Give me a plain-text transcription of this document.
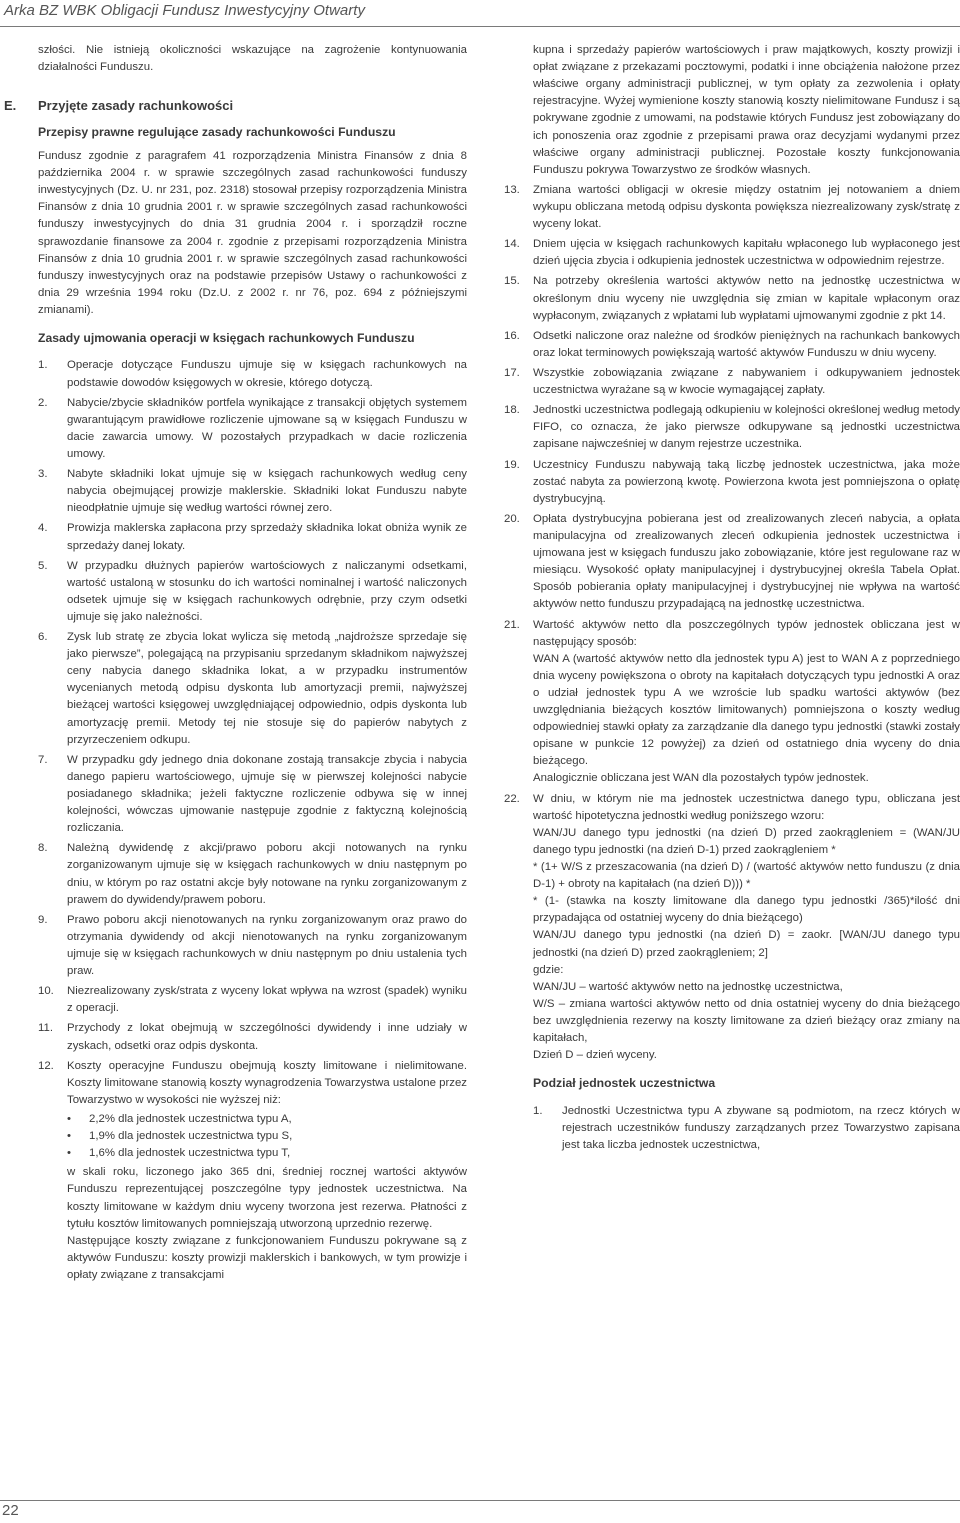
Arka BZ WBK Obligacji Fundusz Inwestycyjny Otwarty

szłości. Nie istnieją okoliczności wskazujące na zagrożenie kontynuowania działalności Funduszu.

E. Przyjęte zasady rachunkowości
Przepisy prawne regulujące zasady rachunkowości Funduszu

Fundusz zgodnie z paragrafem 41 rozporządzenia Ministra Finansów z dnia 8 października 2004 r. w sprawie szczególnych zasad rachunkowości funduszy inwestycyjnych (Dz. U. nr 231, poz. 2318) stosował przepisy rozporządzenia Ministra Finansów z dnia 10 grudnia 2001 r. w sprawie szczególnych zasad rachunkowości funduszy inwestycyjnych do dnia 31 grudnia 2004 r. i sporządził roczne sprawozdanie finansowe za 2004 r. zgodnie z przepisami rozporządzenia Ministra Finansów z dnia 10 grudnia 2001 r. w sprawie szczególnych zasad rachunkowości funduszy inwestycyjnych oraz na podstawie przepisów Ustawy o rachunkowości z dnia 29 września 1994 roku (Dz.U. z 2002 r. nr 76, poz. 694 z późniejszymi zmianami).

Zasady ujmowania operacji w księgach rachunkowych Funduszu
1. Operacje dotyczące Funduszu ujmuje się w księgach rachunkowych na podstawie dowodów księgowych w okresie, którego dotyczą.
2. Nabycie/zbycie składników portfela wynikające z transakcji objętych systemem gwarantującym prawidłowe rozliczenie ujmowane są w księgach Funduszu w dacie zawarcia umowy. W pozostałych przypadkach w dacie rozliczenia umowy.
3. Nabyte składniki lokat ujmuje się w księgach rachunkowych według ceny nabycia obejmującej prowizje maklerskie. Składniki lokat Funduszu nabyte nieodpłatnie ujmuje się według wartości równej zero.
4. Prowizja maklerska zapłacona przy sprzedaży składnika lokat obniża wynik ze sprzedaży danej lokaty.
5. W przypadku dłużnych papierów wartościowych z naliczanymi odsetkami, wartość ustaloną w stosunku do ich wartości nominalnej i wartość naliczonych odsetek ujmuje się w księgach rachunkowych odrębnie, przy czym odsetki ujmuje się jako należności.
6. Zysk lub stratę ze zbycia lokat wylicza się metodą „najdroższe sprzedaje się jako pierwsze”, polegającą na przypisaniu sprzedanym składnikom najwyższej ceny nabycia danego składnika lokat, a w przypadku instrumentów wycenianych metodą odpisu dyskonta lub amortyzacji premii, najwyższej bieżącej wartości księgowej uwzględniającej odpowiednio, odpis dyskonta lub amortyzację premii. Metody tej nie stosuje się do papierów nabytych z przyrzeczeniem odkupu.
7. W przypadku gdy jednego dnia dokonane zostają transakcje zbycia i nabycia danego papieru wartościowego, ujmuje się w pierwszej kolejności nabycie posiadanego składnika; jeżeli faktyczne rozliczenie odbywa się w innej kolejności, wówczas ujmowanie następuje zgodnie z faktyczną kolejnością rozliczania.
8. Należną dywidendę z akcji/prawo poboru akcji notowanych na rynku zorganizowanym ujmuje się w księgach rachunkowych w dniu następnym po dniu, w którym po raz ostatni akcje były notowane na rynku zorganizowanym z prawem do dywidendy/prawem poboru.
9. Prawo poboru akcji nienotowanych na rynku zorganizowanym oraz prawo do otrzymania dywidendy od akcji nienotowanych na rynku zorganizowanym ujmuje się w księgach rachunkowych w dniu następnym po dniu ustalenia tych praw.
10. Niezrealizowany zysk/strata z wyceny lokat wpływa na wzrost (spadek) wyniku z operacji.
11. Przychody z lokat obejmują w szczególności dywidendy i inne udziały w zyskach, odsetki oraz odpis dyskonta.
12. Koszty operacyjne Funduszu obejmują koszty limitowane i nielimitowane. Koszty limitowane stanowią koszty wynagrodzenia Towarzystwa ustalone przez Towarzystwo w wysokości nie wyższej niż:

• 2,2% dla jednostek uczestnictwa typu A,
• 1,9% dla jednostek uczestnictwa typu S,
• 1,6% dla jednostek uczestnictwa typu T,

w skali roku, liczonego jako 365 dni, średniej rocznej wartości aktywów Funduszu reprezentującej poszczególne typy jednostek uczestnictwa. Na koszty limitowane w każdym dniu wyceny tworzona jest rezerwa. Płatności z tytułu kosztów limitowanych pomniejszają utworzoną uprzednio rezerwę.

Następujące koszty związane z funkcjonowaniem Funduszu pokrywane są z aktywów Funduszu: koszty prowizji maklerskich i bankowych, w tym prowizje i opłaty związane z transakcjami

kupna i sprzedaży papierów wartościowych i praw majątkowych, koszty prowizji i opłat związane z przekazami pocztowymi, podatki i inne obciążenia nałożone przez właściwe organy administracji publicznej, w tym opłaty za zezwolenia i opłaty rejestracyjne. Wyżej wymienione koszty stanowią koszty nielimitowane Fundusz i są pokrywane zgodnie z umowami, na podstawie których Fundusz jest zobowiązany do ich ponoszenia oraz zgodnie z przepisami prawa oraz decyzjami wydanymi przez właściwe organy administracji publicznej. Pozostałe koszty funkcjonowania Funduszu pokrywa Towarzystwo ze środków własnych.

13. Zmiana wartości obligacji w okresie między ostatnim jej notowaniem a dniem wykupu obliczana metodą odpisu dyskonta powiększa niezrealizowany zysk/stratę z wyceny lokat.
14. Dniem ujęcia w księgach rachunkowych kapitału wpłaconego lub wypłaconego jest dzień ujęcia zbycia i odkupienia jednostek uczestnictwa w odpowiednim rejestrze.
15. Na potrzeby określenia wartości aktywów netto na jednostkę uczestnictwa w określonym dniu wyceny nie uwzględnia się zmian w kapitale wpłaconym oraz wypłaconym, związanych z wpłatami lub wypłatami ujmowanymi zgodnie z pkt 14.
16. Odsetki naliczone oraz należne od środków pieniężnych na rachunkach bankowych oraz lokat terminowych powiększają wartość aktywów Funduszu w dniu wyceny.
17. Wszystkie zobowiązania związane z nabywaniem i odkupywaniem jednostek uczestnictwa wyrażane są w kwocie wymagającej zapłaty.
18. Jednostki uczestnictwa podlegają odkupieniu w kolejności określonej według metody FIFO, co oznacza, że jako pierwsze odkupywane są jednostki uczestnictwa zapisane najwcześniej w danym rejestrze uczestnika.
19. Uczestnicy Funduszu nabywają taką liczbę jednostek uczestnictwa, jaka może zostać nabyta za powierzoną kwotę. Powierzona kwota jest pomniejszona o opłatę dystrybucyjną.
20. Opłata dystrybucyjna pobierana jest od zrealizowanych zleceń nabycia, a opłata manipulacyjna od zrealizowanych zleceń odkupienia jednostek uczestnictwa i ujmowana jest w księgach funduszu jako zobowiązanie, które jest regulowane raz w miesiącu. Wysokość opłaty manipulacyjnej i dystrybucyjnej określa Tabela Opłat. Sposób pobierania opłaty manipulacyjnej i dystrybucyjnej nie wpływa na wartość aktywów netto funduszu przypadającą na jednostkę uczestnictwa.
21. Wartość aktywów netto dla poszczególnych typów jednostek obliczana jest w następujący sposób:

WAN A (wartość aktywów netto dla jednostek typu A) jest to WAN A z poprzedniego dnia wyceny powiększona o obroty na kapitałach dotyczących typu jednostki A oraz o udział jednostek typu A we wzroście lub spadku wartości aktywów (bez uwzględniania bieżących kosztów limitowanych) pomniejszona o koszty według odpowiedniej stawki opłaty za zarządzanie dla danego typu jednostki (stawki zostały opisane w punkcie 12 powyżej) za dzień od ostatniego dnia wyceny do dnia bieżącego.

Analogicznie obliczana jest WAN dla pozostałych typów jednostek.

22. W dniu, w którym nie ma jednostek uczestnictwa danego typu, obliczana jest wartość hipotetyczna jednostki według poniższego wzoru:

WAN/JU danego typu jednostki (na dzień D) przed zaokrągleniem = (WAN/JU danego typu jednostki (na dzień D-1) przed zaokrągleniem *

* (1+ W/S z przeszacowania (na dzień D) / (wartość aktywów netto funduszu (z dnia D-1) + obroty na kapitałach (na dzień D))) *

* (1- (stawka na koszty limitowane dla danego typu jednostki /365)*ilość dni przypadająca od ostatniej wyceny do dnia bieżącego)

WAN/JU danego typu jednostki (na dzień D) = zaokr. [WAN/JU danego typu jednostki (na dzień D) przed zaokrągleniem; 2]

gdzie:

WAN/JU – wartość aktywów netto na jednostkę uczestnictwa,

W/S – zmiana wartości aktywów netto od dnia ostatniej wyceny do dnia bieżącego bez uwzględnienia rezerwy na koszty limitowane za dzień bieżący oraz zmiany na kapitałach,

Dzień D – dzień wyceny.

Podział jednostek uczestnictwa
1. Jednostki Uczestnictwa typu A zbywane są podmiotom, na rzecz których w rejestrach uczestników funduszy zarządzanych przez Towarzystwo zapisana jest taka liczba jednostek uczestnictwa,
22
